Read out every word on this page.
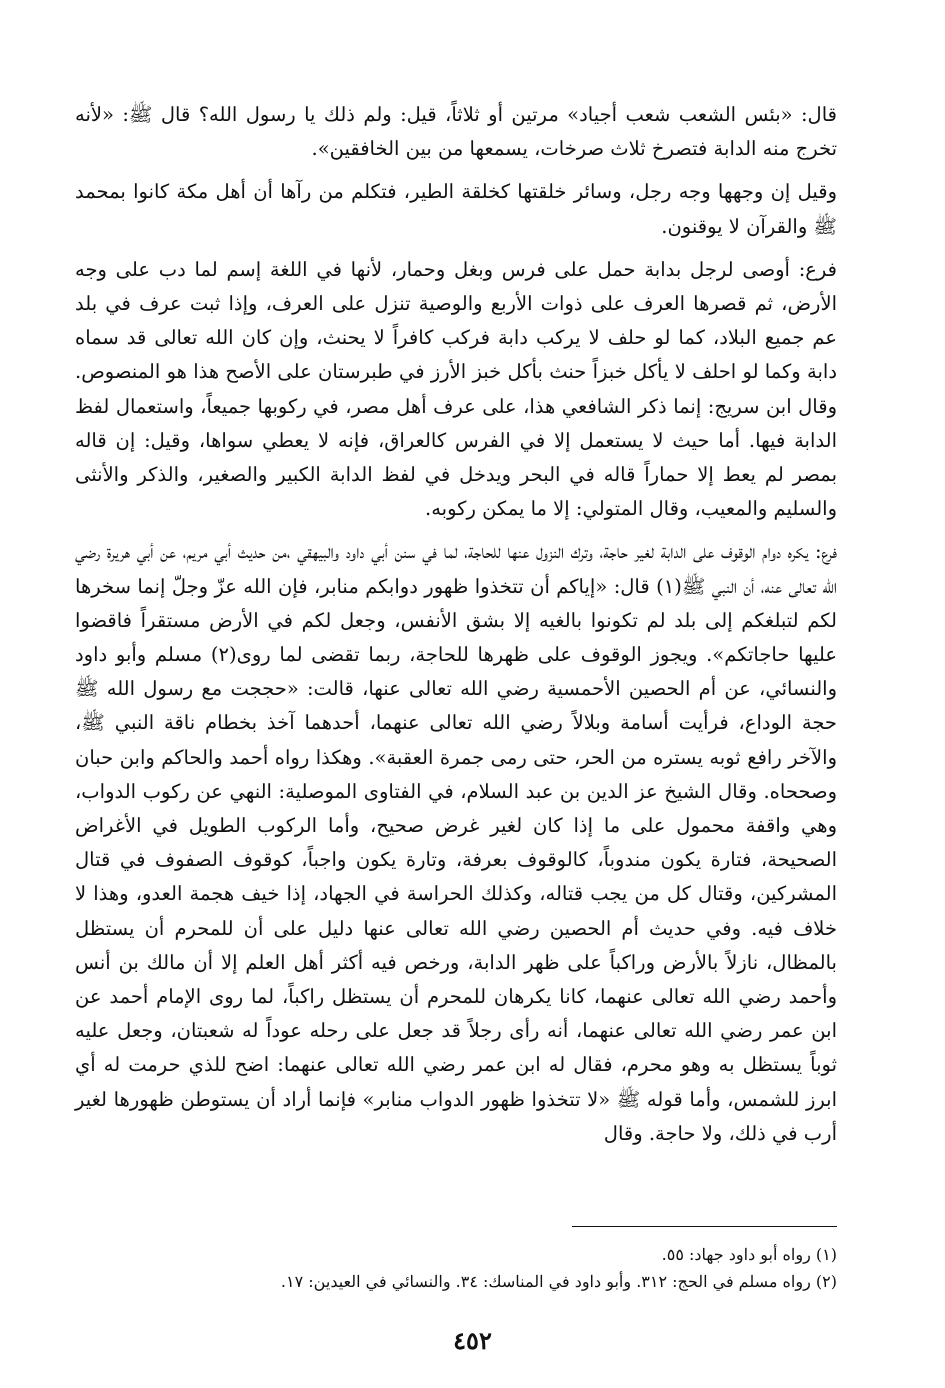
قال: «بئس الشعب شعب أجياد» مرتين أو ثلاثاً، قيل: ولم ذلك يا رسول الله؟ قال ﷺ: «لأنه تخرج منه الدابة فتصرخ ثلاث صرخات، يسمعها من بين الخافقين».

وقيل إن وجهها وجه رجل، وسائر خلقتها كخلقة الطير، فتكلم من رآها أن أهل مكة كانوا بمحمد ﷺ والقرآن لا يوقنون.

فرع: أوصى لرجل بدابة حمل على فرس وبغل وحمار، لأنها في اللغة إسم لما دب على وجه الأرض، ثم قصرها العرف على ذوات الأربع والوصية تنزل على العرف، وإذا ثبت عرف في بلد عم جميع البلاد، كما لو حلف لا يركب دابة فركب كافراً لا يحنث، وإن كان الله تعالى قد سماه دابة وكما لو احلف لا يأكل خبزاً حنث بأكل خبز الأرز في طبرستان على الأصح هذا هو المنصوص. وقال ابن سريج: إنما ذكر الشافعي هذا، على عرف أهل مصر، في ركوبها جميعاً، واستعمال لفظ الدابة فيها. أما حيث لا يستعمل إلا في الفرس كالعراق، فإنه لا يعطي سواها، وقيل: إن قاله بمصر لم يعط إلا حماراً قاله في البحر ويدخل في لفظ الدابة الكبير والصغير، والذكر والأنثى والسليم والمعيب، وقال المتولي: إلا ما يمكن ركوبه.

فرع: يكره دوام الوقوف على الدابة لغير حاجة، وترك النزول عنها للحاجة، لما في سنن أبي داود والبيهقي ،من حديث أبي مريم، عن أبي هريرة رضي الله تعالى عنه، أن النبي ﷺ(١) قال: «إياكم أن تتخذوا ظهور دوابكم منابر، فإن الله عزّ وجلّ إنما سخرها لكم لتبلغكم إلى بلد لم تكونوا بالغيه إلا بشق الأنفس، وجعل لكم في الأرض مستقراً فاقضوا عليها حاجاتكم». ويجوز الوقوف على ظهرها للحاجة، ربما تقضى لما روى(٢) مسلم وأبو داود والنسائي، عن أم الحصين الأحمسية رضي الله تعالى عنها، قالت: «حججت مع رسول الله ﷺ حجة الوداع، فرأيت أسامة وبلالاً رضي الله تعالى عنهما، أحدهما آخذ بخطام ناقة النبي ﷺ، والآخر رافع ثوبه يستره من الحر، حتى رمى جمرة العقبة». وهكذا رواه أحمد والحاكم وابن حبان وصححاه. وقال الشيخ عز الدين بن عبد السلام، في الفتاوى الموصلية: النهي عن ركوب الدواب، وهي واقفة محمول على ما إذا كان لغير غرض صحيح، وأما الركوب الطويل في الأغراض الصحيحة، فتارة يكون مندوباً، كالوقوف بعرفة، وتارة يكون واجباً، كوقوف الصفوف في قتال المشركين، وقتال كل من يجب قتاله، وكذلك الحراسة في الجهاد، إذا خيف هجمة العدو، وهذا لا خلاف فيه. وفي حديث أم الحصين رضي الله تعالى عنها دليل على أن للمحرم أن يستظل بالمظال، نازلاً بالأرض وراكباً على ظهر الدابة، ورخص فيه أكثر أهل العلم إلا أن مالك بن أنس وأحمد رضي الله تعالى عنهما، كانا يكرهان للمحرم أن يستظل راكباً، لما روى الإمام أحمد عن ابن عمر رضي الله تعالى عنهما، أنه رأى رجلاً قد جعل على رحله عوداً له شعبتان، وجعل عليه ثوباً يستظل به وهو محرم، فقال له ابن عمر رضي الله تعالى عنهما: اضح للذي حرمت له أي ابرز للشمس، وأما قوله ﷺ «لا تتخذوا ظهور الدواب منابر» فإنما أراد أن يستوطن ظهورها لغير أرب في ذلك، ولا حاجة. وقال

(١) رواه أبو داود جهاد: ٥٥.

(٢) رواه مسلم في الحج: ٣١٢. وأبو داود في المناسك: ٣٤. والنسائي في العيدين: ١٧.

٤٥٢
